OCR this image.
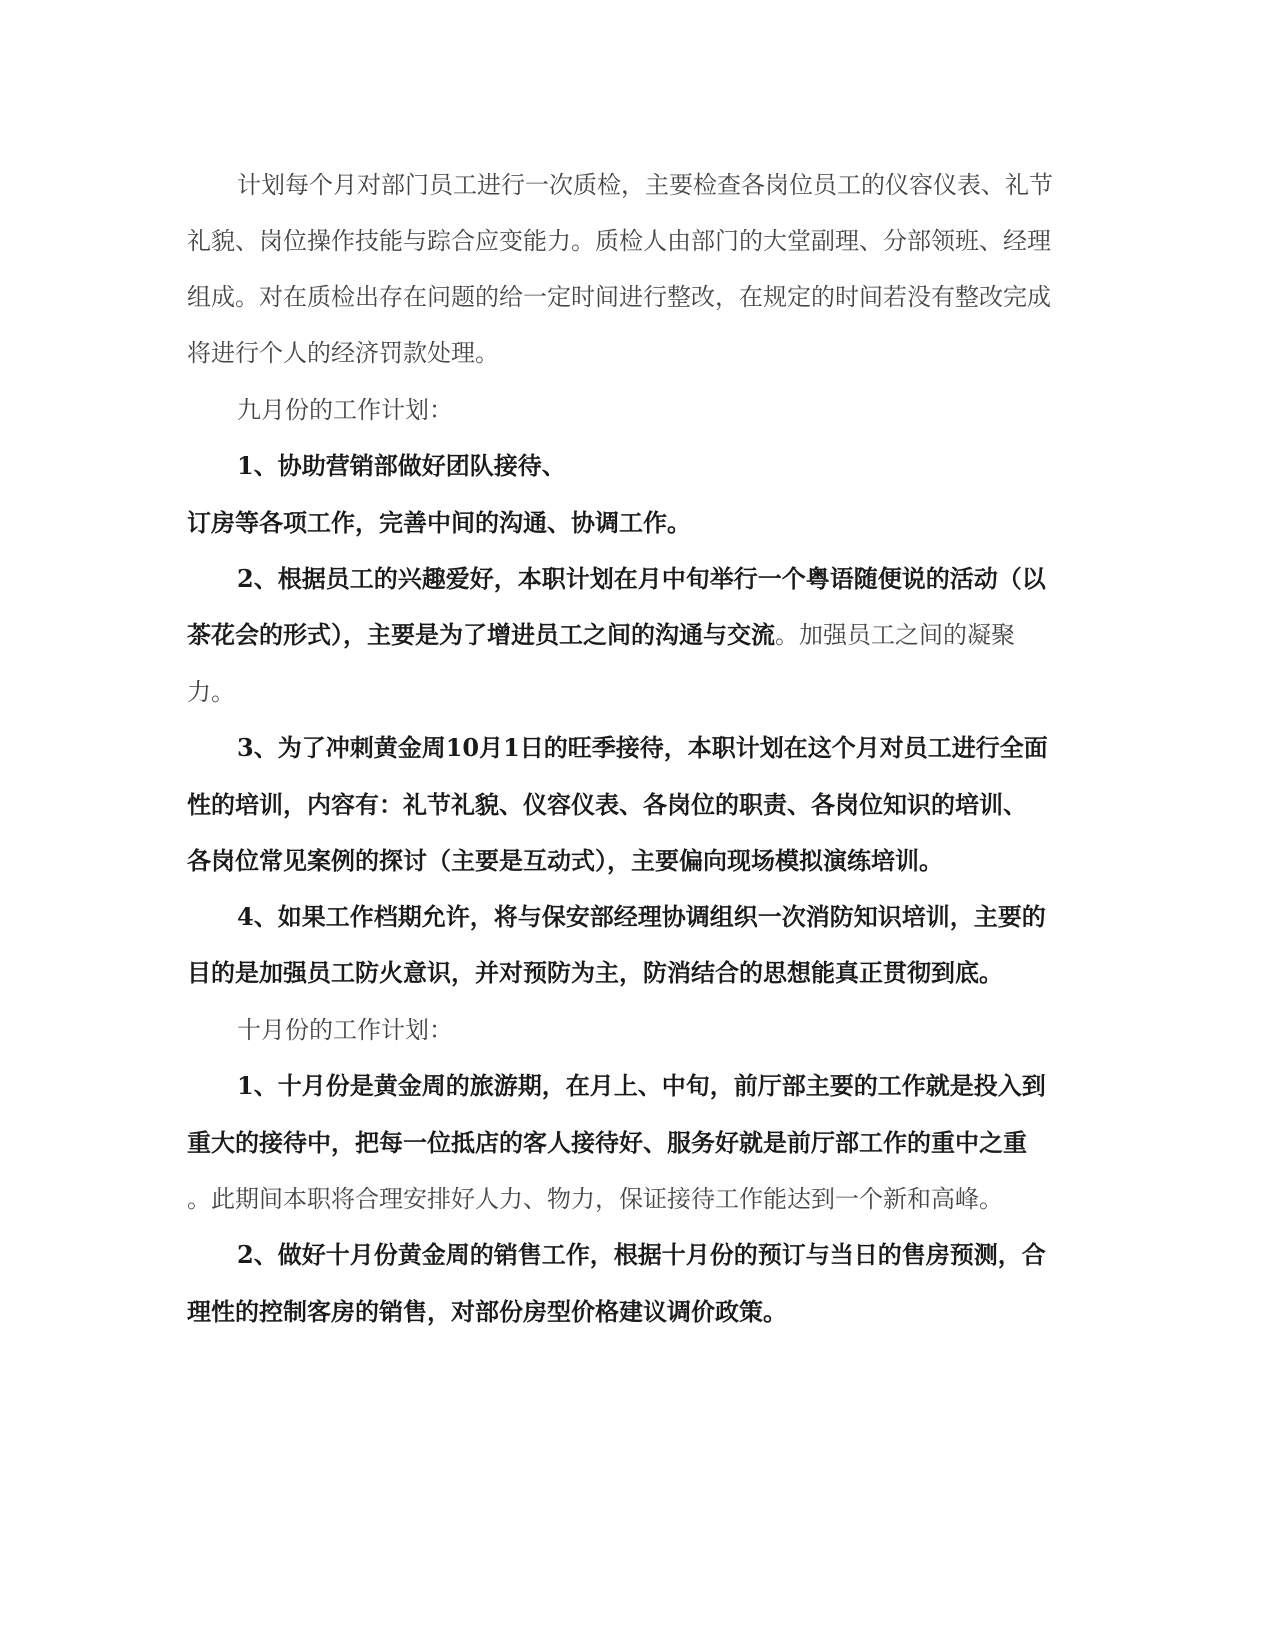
计划每个月对部门员工进行一次质检，主要检查各岗位员工的仪容仪表、礼节
礼貌、岗位操作技能与踪合应变能力。质检人由部门的大堂副理、分部领班、经理
组成。对在质检出存在问题的给一定时间进行整改，在规定的时间若没有整改完成
将进行个人的经济罚款处理。
九月份的工作计划：
1、协助营销部做好团队接待、
订房等各项工作，完善中间的沟通、协调工作。
2、根据员工的兴趣爱好，本职计划在月中旬举行一个粤语随便说的活动（以
茶花会的形式），主要是为了增进员工之间的沟通与交流。加强员工之间的凝聚
力。
3、为了冲刺黄金周10月1日的旺季接待，本职计划在这个月对员工进行全面
性的培训，内容有：礼节礼貌、仪容仪表、各岗位的职责、各岗位知识的培训、
各岗位常见案例的探讨（主要是互动式），主要偏向现场模拟演练培训。
4、如果工作档期允许，将与保安部经理协调组织一次消防知识培训，主要的
目的是加强员工防火意识，并对预防为主，防消结合的思想能真正贯彻到底。
十月份的工作计划：
1、十月份是黄金周的旅游期，在月上、中旬，前厅部主要的工作就是投入到
重大的接待中，把每一位抵店的客人接待好、服务好就是前厅部工作的重中之重
。此期间本职将合理安排好人力、物力，保证接待工作能达到一个新和高峰。
2、做好十月份黄金周的销售工作，根据十月份的预订与当日的售房预测，合
理性的控制客房的销售，对部份房型价格建议调价政策。
